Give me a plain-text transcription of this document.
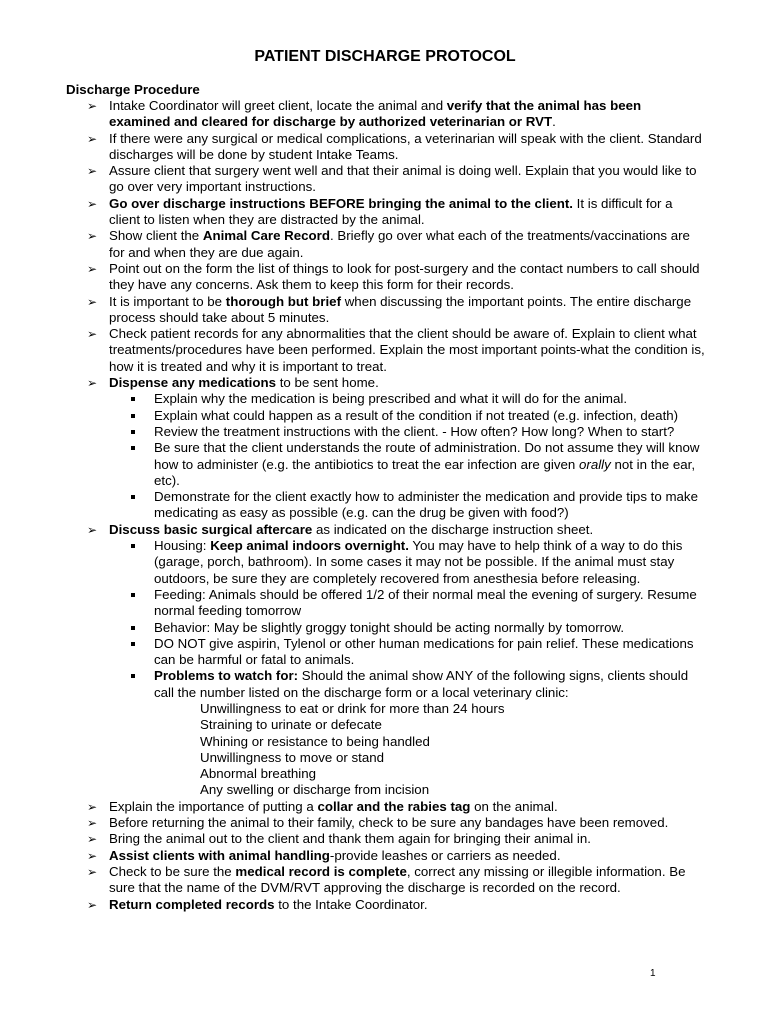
PATIENT DISCHARGE PROTOCOL
Discharge Procedure
➢ Intake Coordinator will greet client, locate the animal and verify that the animal has been examined and cleared for discharge by authorized veterinarian or RVT.
➢ If there were any surgical or medical complications, a veterinarian will speak with the client. Standard discharges will be done by student Intake Teams.
➢ Assure client that surgery went well and that their animal is doing well. Explain that you would like to go over very important instructions.
➢ Go over discharge instructions BEFORE bringing the animal to the client. It is difficult for a client to listen when they are distracted by the animal.
➢ Show client the Animal Care Record. Briefly go over what each of the treatments/vaccinations are for and when they are due again.
➢ Point out on the form the list of things to look for post-surgery and the contact numbers to call should they have any concerns. Ask them to keep this form for their records.
➢ It is important to be thorough but brief when discussing the important points. The entire discharge process should take about 5 minutes.
➢ Check patient records for any abnormalities that the client should be aware of. Explain to client what treatments/procedures have been performed. Explain the most important points-what the condition is, how it is treated and why it is important to treat.
➢ Dispense any medications to be sent home.
Explain why the medication is being prescribed and what it will do for the animal.
Explain what could happen as a result of the condition if not treated (e.g. infection, death)
Review the treatment instructions with the client. - How often? How long? When to start?
Be sure that the client understands the route of administration. Do not assume they will know how to administer (e.g. the antibiotics to treat the ear infection are given orally not in the ear, etc).
Demonstrate for the client exactly how to administer the medication and provide tips to make medicating as easy as possible (e.g. can the drug be given with food?)
➢ Discuss basic surgical aftercare as indicated on the discharge instruction sheet.
Housing: Keep animal indoors overnight. You may have to help think of a way to do this (garage, porch, bathroom). In some cases it may not be possible. If the animal must stay outdoors, be sure they are completely recovered from anesthesia before releasing.
Feeding: Animals should be offered 1/2 of their normal meal the evening of surgery. Resume normal feeding tomorrow
Behavior: May be slightly groggy tonight should be acting normally by tomorrow.
DO NOT give aspirin, Tylenol or other human medications for pain relief. These medications can be harmful or fatal to animals.
Problems to watch for: Should the animal show ANY of the following signs, clients should call the number listed on the discharge form or a local veterinary clinic:
Unwillingness to eat or drink for more than 24 hours
Straining to urinate or defecate
Whining or resistance to being handled
Unwillingness to move or stand
Abnormal breathing
Any swelling or discharge from incision
➢ Explain the importance of putting a collar and the rabies tag on the animal.
➢ Before returning the animal to their family, check to be sure any bandages have been removed.
➢ Bring the animal out to the client and thank them again for bringing their animal in.
➢ Assist clients with animal handling-provide leashes or carriers as needed.
➢ Check to be sure the medical record is complete, correct any missing or illegible information. Be sure that the name of the DVM/RVT approving the discharge is recorded on the record.
➢ Return completed records to the Intake Coordinator.
1
